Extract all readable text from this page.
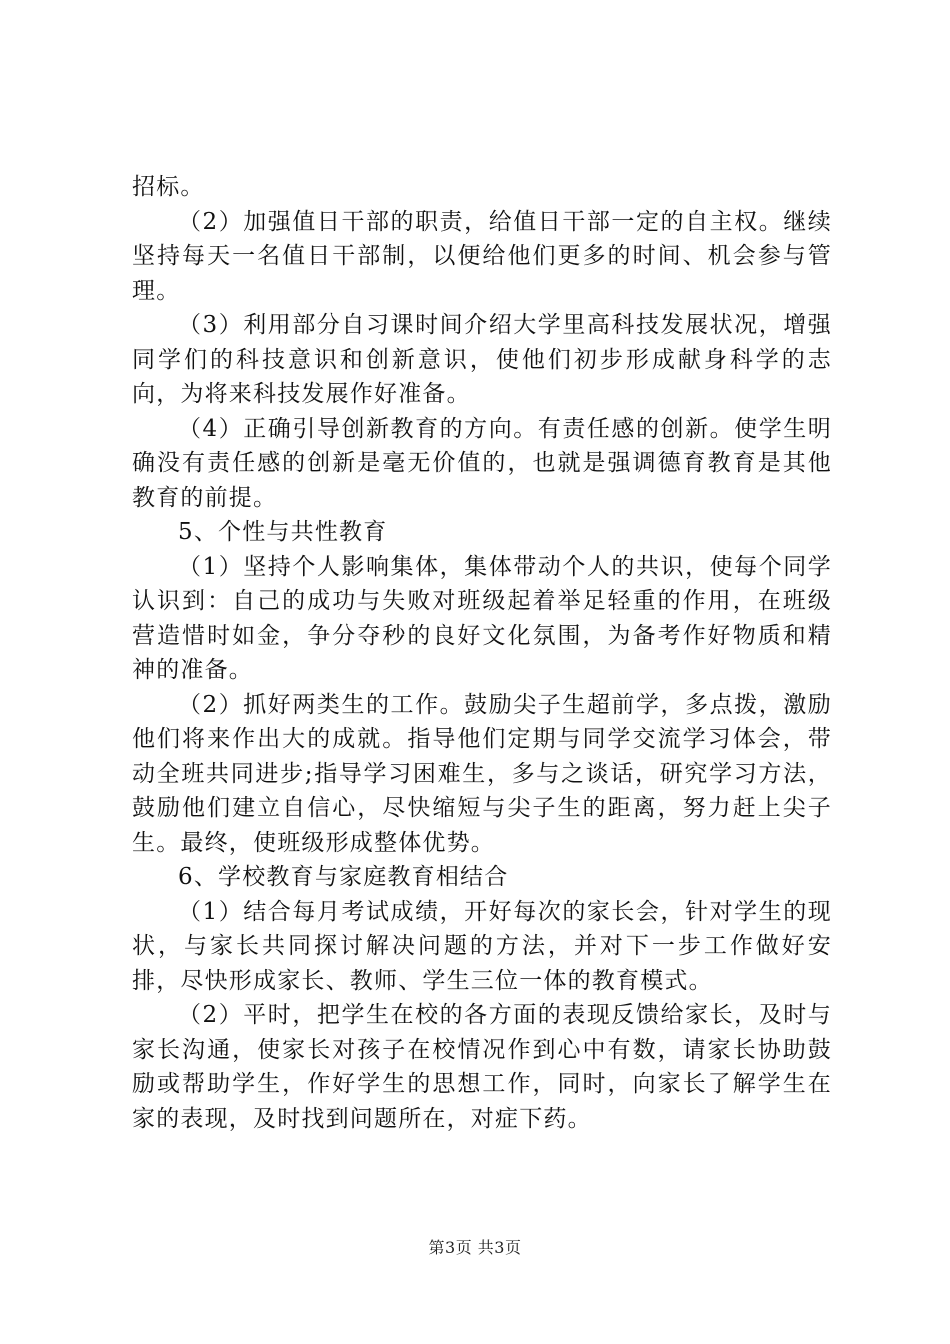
招标。

（2）加强值日干部的职责，给值日干部一定的自主权。继续坚持每天一名值日干部制，以便给他们更多的时间、机会参与管理。

（3）利用部分自习课时间介绍大学里高科技发展状况，增强同学们的科技意识和创新意识，使他们初步形成献身科学的志向，为将来科技发展作好准备。

（4）正确引导创新教育的方向。有责任感的创新。使学生明确没有责任感的创新是毫无价值的，也就是强调德育教育是其他教育的前提。

5、个性与共性教育

（1）坚持个人影响集体，集体带动个人的共识，使每个同学认识到：自己的成功与失败对班级起着举足轻重的作用，在班级营造惜时如金，争分夺秒的良好文化氛围，为备考作好物质和精神的准备。

（2）抓好两类生的工作。鼓励尖子生超前学，多点拨，激励他们将来作出大的成就。指导他们定期与同学交流学习体会，带动全班共同进步;指导学习困难生，多与之谈话，研究学习方法，鼓励他们建立自信心，尽快缩短与尖子生的距离，努力赶上尖子生。最终，使班级形成整体优势。

6、学校教育与家庭教育相结合

（1）结合每月考试成绩，开好每次的家长会，针对学生的现状，与家长共同探讨解决问题的方法，并对下一步工作做好安排，尽快形成家长、教师、学生三位一体的教育模式。

（2）平时，把学生在校的各方面的表现反馈给家长，及时与家长沟通，使家长对孩子在校情况作到心中有数，请家长协助鼓励或帮助学生，作好学生的思想工作，同时，向家长了解学生在家的表现，及时找到问题所在，对症下药。

第3页 共3页
